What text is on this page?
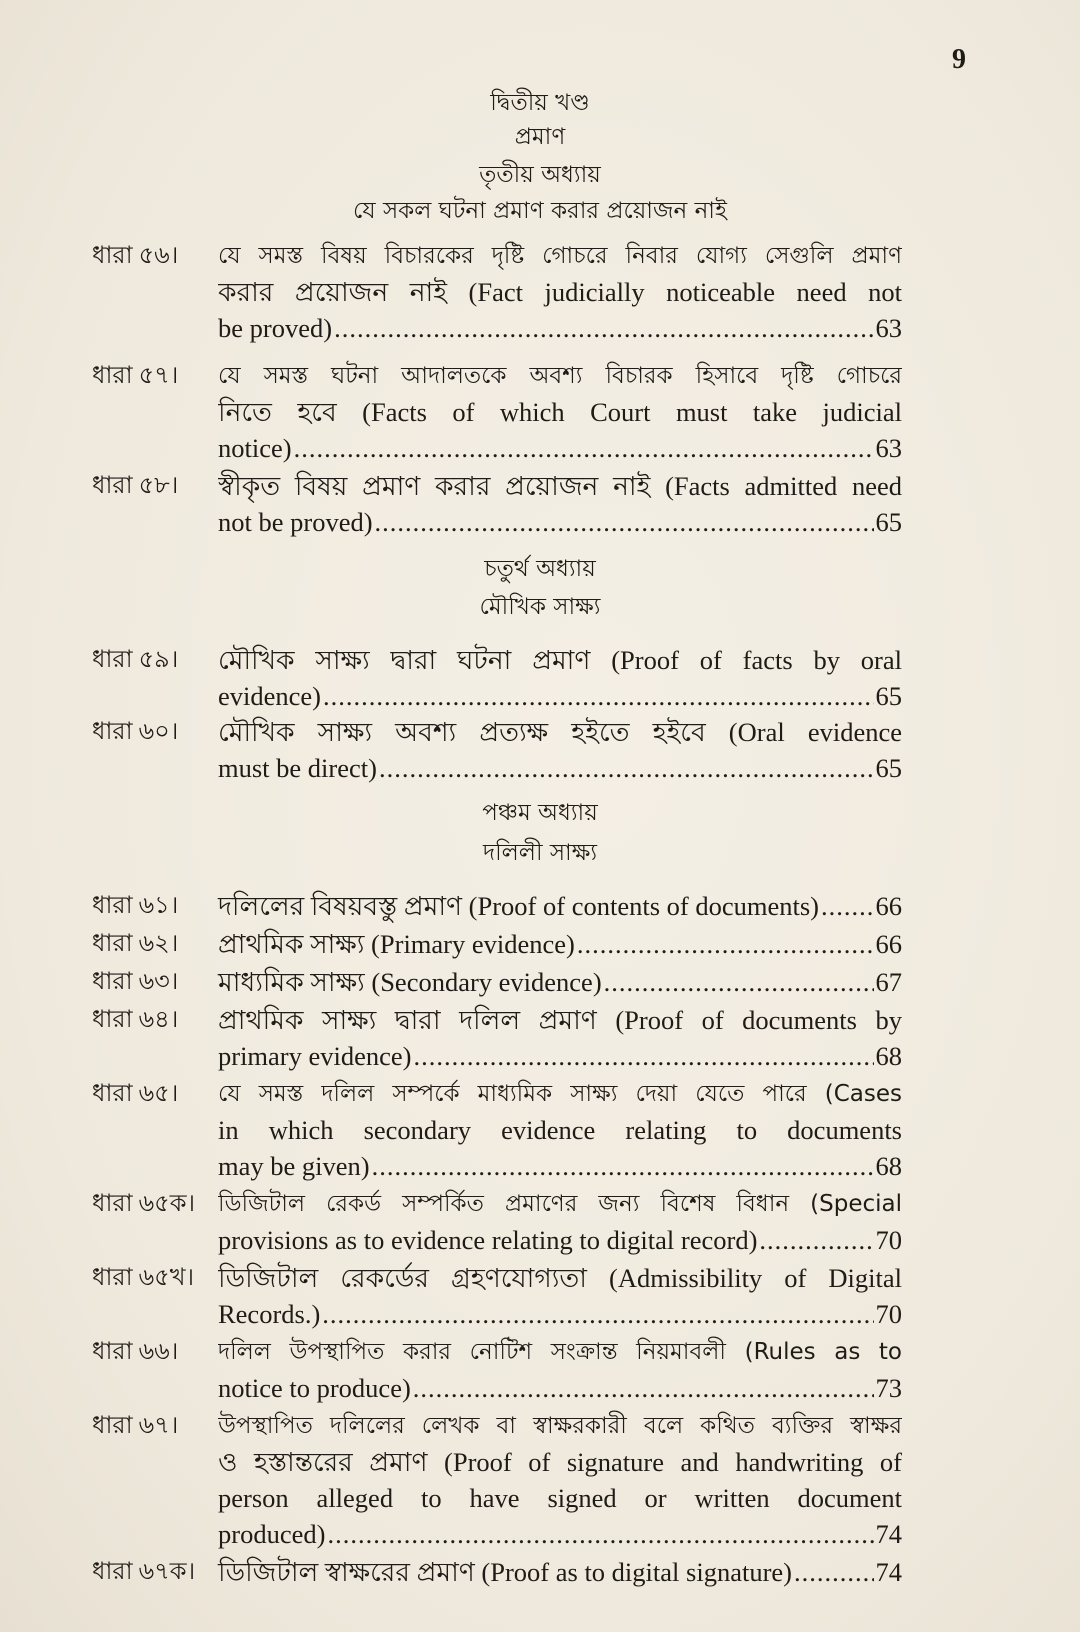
9
দ্বিতীয় খণ্ড
প্রমাণ
তৃতীয় অধ্যায়
যে সকল ঘটনা প্রমাণ করার প্রয়োজন নাই
ধারা ৫৬। যে সমস্ত বিষয় বিচারকের দৃষ্টি গোচরে নিবার যোগ্য সেগুলি প্রমাণ
করার প্রয়োজন নাই (Fact judicially noticeable need not
be proved) .....	63
ধারা ৫৭। যে সমস্ত ঘটনা আদালতকে অবশ্য বিচারক হিসাবে দৃষ্টি গোচরে
নিতে হবে (Facts of which Court must take judicial
notice) .....	63
ধারা ৫৮। স্বীকৃত বিষয় প্রমাণ করার প্রয়োজন নাই (Facts admitted need
not be proved) .....	65
চতুর্থ অধ্যায়
মৌখিক সাক্ষ্য
ধারা ৫৯। মৌখিক সাক্ষ্য দ্বারা ঘটনা প্রমাণ (Proof of facts by oral
evidence) .....	65
ধারা ৬০। মৌখিক সাক্ষ্য অবশ্য প্রত্যক্ষ হইতে হইবে (Oral evidence
must be direct) .....	65
পঞ্চম অধ্যায়
দলিলী সাক্ষ্য
ধারা ৬১। দলিলের বিষয়বস্তু প্রমাণ (Proof of contents of documents) ..... 66
ধারা ৬২। প্রাথমিক সাক্ষ্য (Primary evidence) .....	66
ধারা ৬৩। মাধ্যমিক সাক্ষ্য (Secondary evidence) .....	67
ধারা ৬৪। প্রাথমিক সাক্ষ্য দ্বারা দলিল প্রমাণ (Proof of documents by
primary evidence) .....	68
ধারা ৬৫। যে সমস্ত দলিল সম্পর্কে মাধ্যমিক সাক্ষ্য দেয়া যেতে পারে (Cases
in which secondary evidence relating to documents
may be given) .....	68
ধারা ৬৫ক। ডিজিটাল রেকর্ড সম্পর্কিত প্রমাণের জন্য বিশেষ বিধান (Special
provisions as to evidence relating to digital record) .....	70
ধারা ৬৫খ। ডিজিটাল রেকর্ডের গ্রহণযোগ্যতা (Admissibility of Digital
Records.) .....	70
ধারা ৬৬। দলিল উপস্থাপিত করার নোটিশ সংক্রান্ত নিয়মাবলী (Rules as to
notice to produce) .....	73
ধারা ৬৭। উপস্থাপিত দলিলের লেখক বা স্বাক্ষরকারী বলে কথিত ব্যক্তির স্বাক্ষর
ও হস্তান্তরের প্রমাণ (Proof of signature and handwriting of
person alleged to have signed or written document
produced) .....	74
ধারা ৬৭ক। ডিজিটাল স্বাক্ষরের প্রমাণ (Proof as to digital signature) .....	74
